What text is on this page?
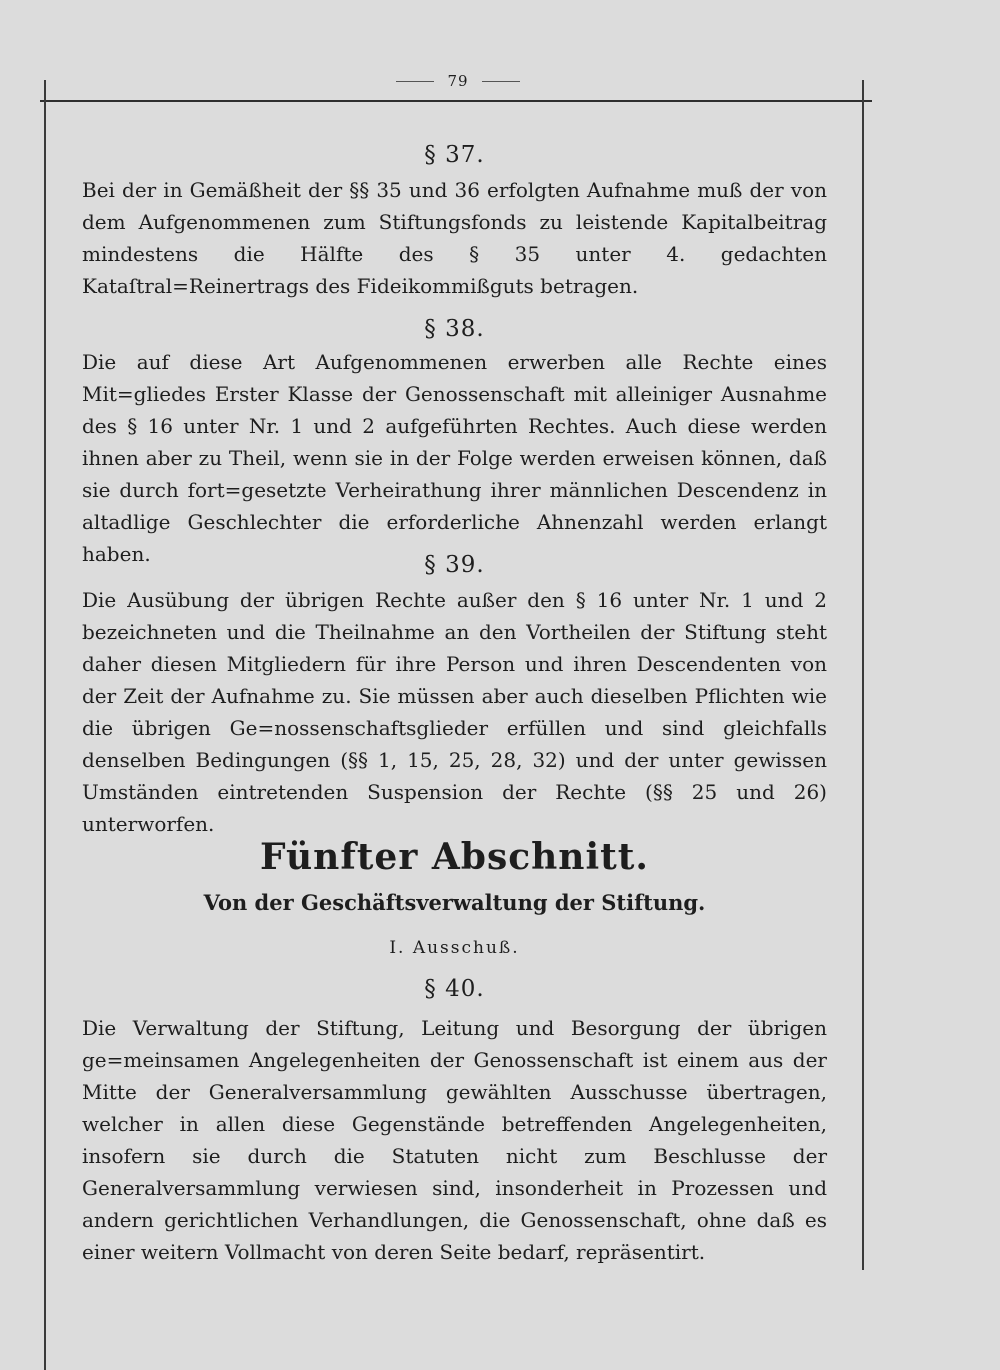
79
§ 37.
Bei der in Gemäßheit der §§ 35 und 36 erfolgten Aufnahme muß der von dem Aufgenommenen zum Stiftungsfonds zu leistende Kapitalbeitrag mindestens die Hälfte des § 35 unter 4. gedachten Kataſtral=Reinertrags des Fideikommißguts betragen.
§ 38.
Die auf diese Art Aufgenommenen erwerben alle Rechte eines Mit=gliedes Erster Klasse der Genossenschaft mit alleiniger Ausnahme des § 16 unter Nr. 1 und 2 aufgeführten Rechtes. Auch diese werden ihnen aber zu Theil, wenn sie in der Folge werden erweisen können, daß sie durch fort=gesetzte Verheirathung ihrer männlichen Descendenz in altadlige Geschlechter die erforderliche Ahnenzahl werden erlangt haben.	§ 39.
Die Ausübung der übrigen Rechte außer den § 16 unter Nr. 1 und 2 bezeichneten und die Theilnahme an den Vortheilen der Stiftung steht daher diesen Mitgliedern für ihre Person und ihren Descendenten von der Zeit der Aufnahme zu. Sie müssen aber auch dieselben Pflichten wie die übrigen Ge=nossenschaftsglieder erfüllen und sind gleichfalls denselben Bedingungen (§§ 1, 15, 25, 28, 32) und der unter gewissen Umständen eintretenden Suspension der Rechte (§§ 25 und 26) unterworfen.
Fünfter Abschnitt.
Von der Geschäftsverwaltung der Stiftung.
I. Ausschuß.
§ 40.
Die Verwaltung der Stiftung, Leitung und Besorgung der übrigen ge=meinsamen Angelegenheiten der Genossenschaft ist einem aus der Mitte der Generalversammlung gewählten Ausschusse übertragen, welcher in allen diese Gegenstände betreffenden Angelegenheiten, insofern sie durch die Statuten nicht zum Beschlusse der Generalversammlung verwiesen sind, insonderheit in Prozessen und andern gerichtlichen Verhandlungen, die Genossenschaft, ohne daß es einer weitern Vollmacht von deren Seite bedarf, repräsentirt.
